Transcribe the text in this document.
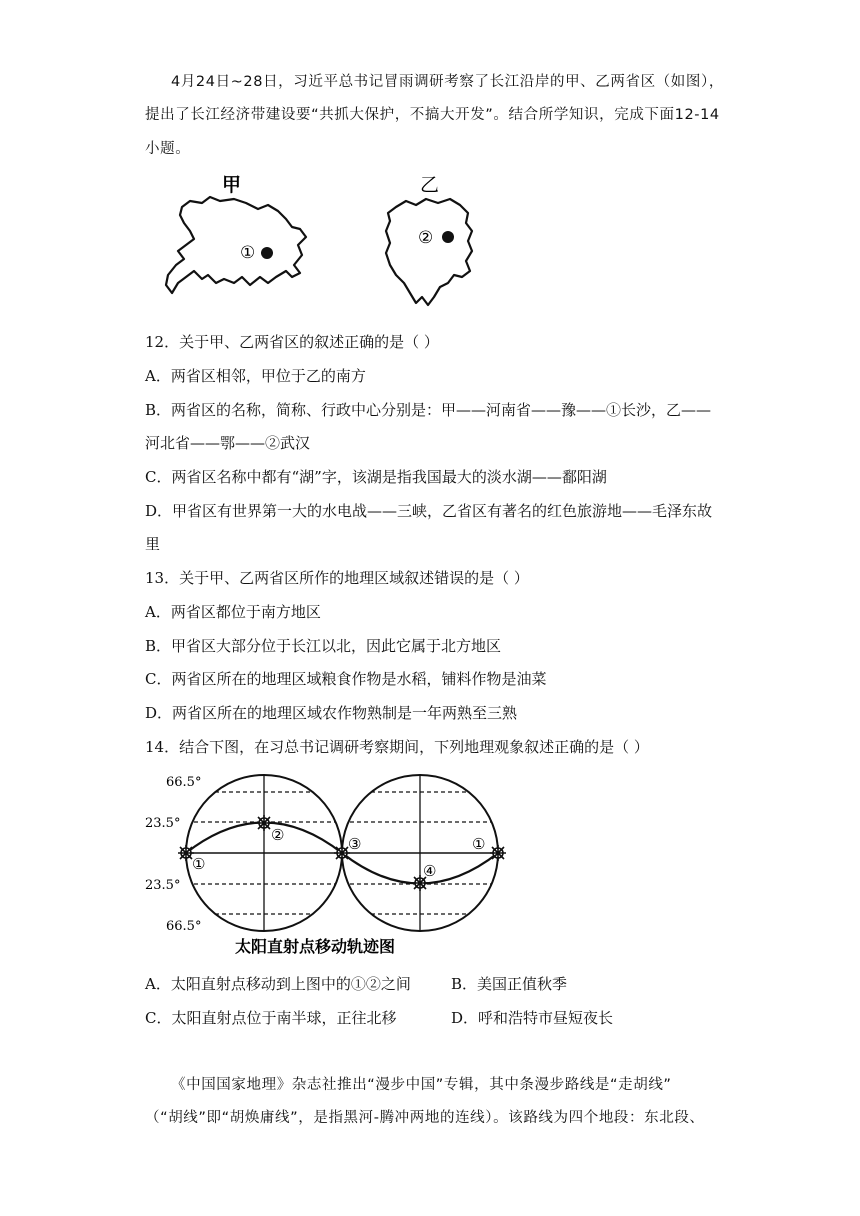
4月24日~28日，习近平总书记冒雨调研考察了长江沿岸的甲、乙两省区（如图），
提出了长江经济带建设要“共抓大保护，不搞大开发”。结合所学知识，完成下面12-14
小题。
甲	乙
①
②
12．关于甲、乙两省区的叙述正确的是（ ）
A．两省区相邻，甲位于乙的南方
B．两省区的名称，简称、行政中心分别是：甲——河南省——豫——①长沙，乙——
河北省——鄂——②武汉
C．两省区名称中都有“湖”字，该湖是指我国最大的淡水湖——鄱阳湖
D．甲省区有世界第一大的水电战——三峡，乙省区有著名的红色旅游地——毛泽东故
里
13．关于甲、乙两省区所作的地理区域叙述错误的是（ ）
A．两省区都位于南方地区
B．甲省区大部分位于长江以北，因此它属于北方地区
C．两省区所在的地理区域粮食作物是水稻，铺料作物是油菜
D．两省区所在的地理区域农作物熟制是一年两熟至三熟
14．结合下图，在习总书记调研考察期间，下列地理观象叙述正确的是（ ）
①
②	③
④
①
66.5°
23.5°
23.5°
66.5°
太阳直射点移动轨迹图
A．太阳直射点移动到上图中的①②之间	B．美国正值秋季
C．太阳直射点位于南半球，正往北移	D．呼和浩特市昼短夜长
《中国国家地理》杂志社推出“漫步中国”专辑，其中条漫步路线是“走胡线”
（“胡线”即“胡焕庸线”，是指黑河-腾冲两地的连线）。该路线为四个地段：东北段、
